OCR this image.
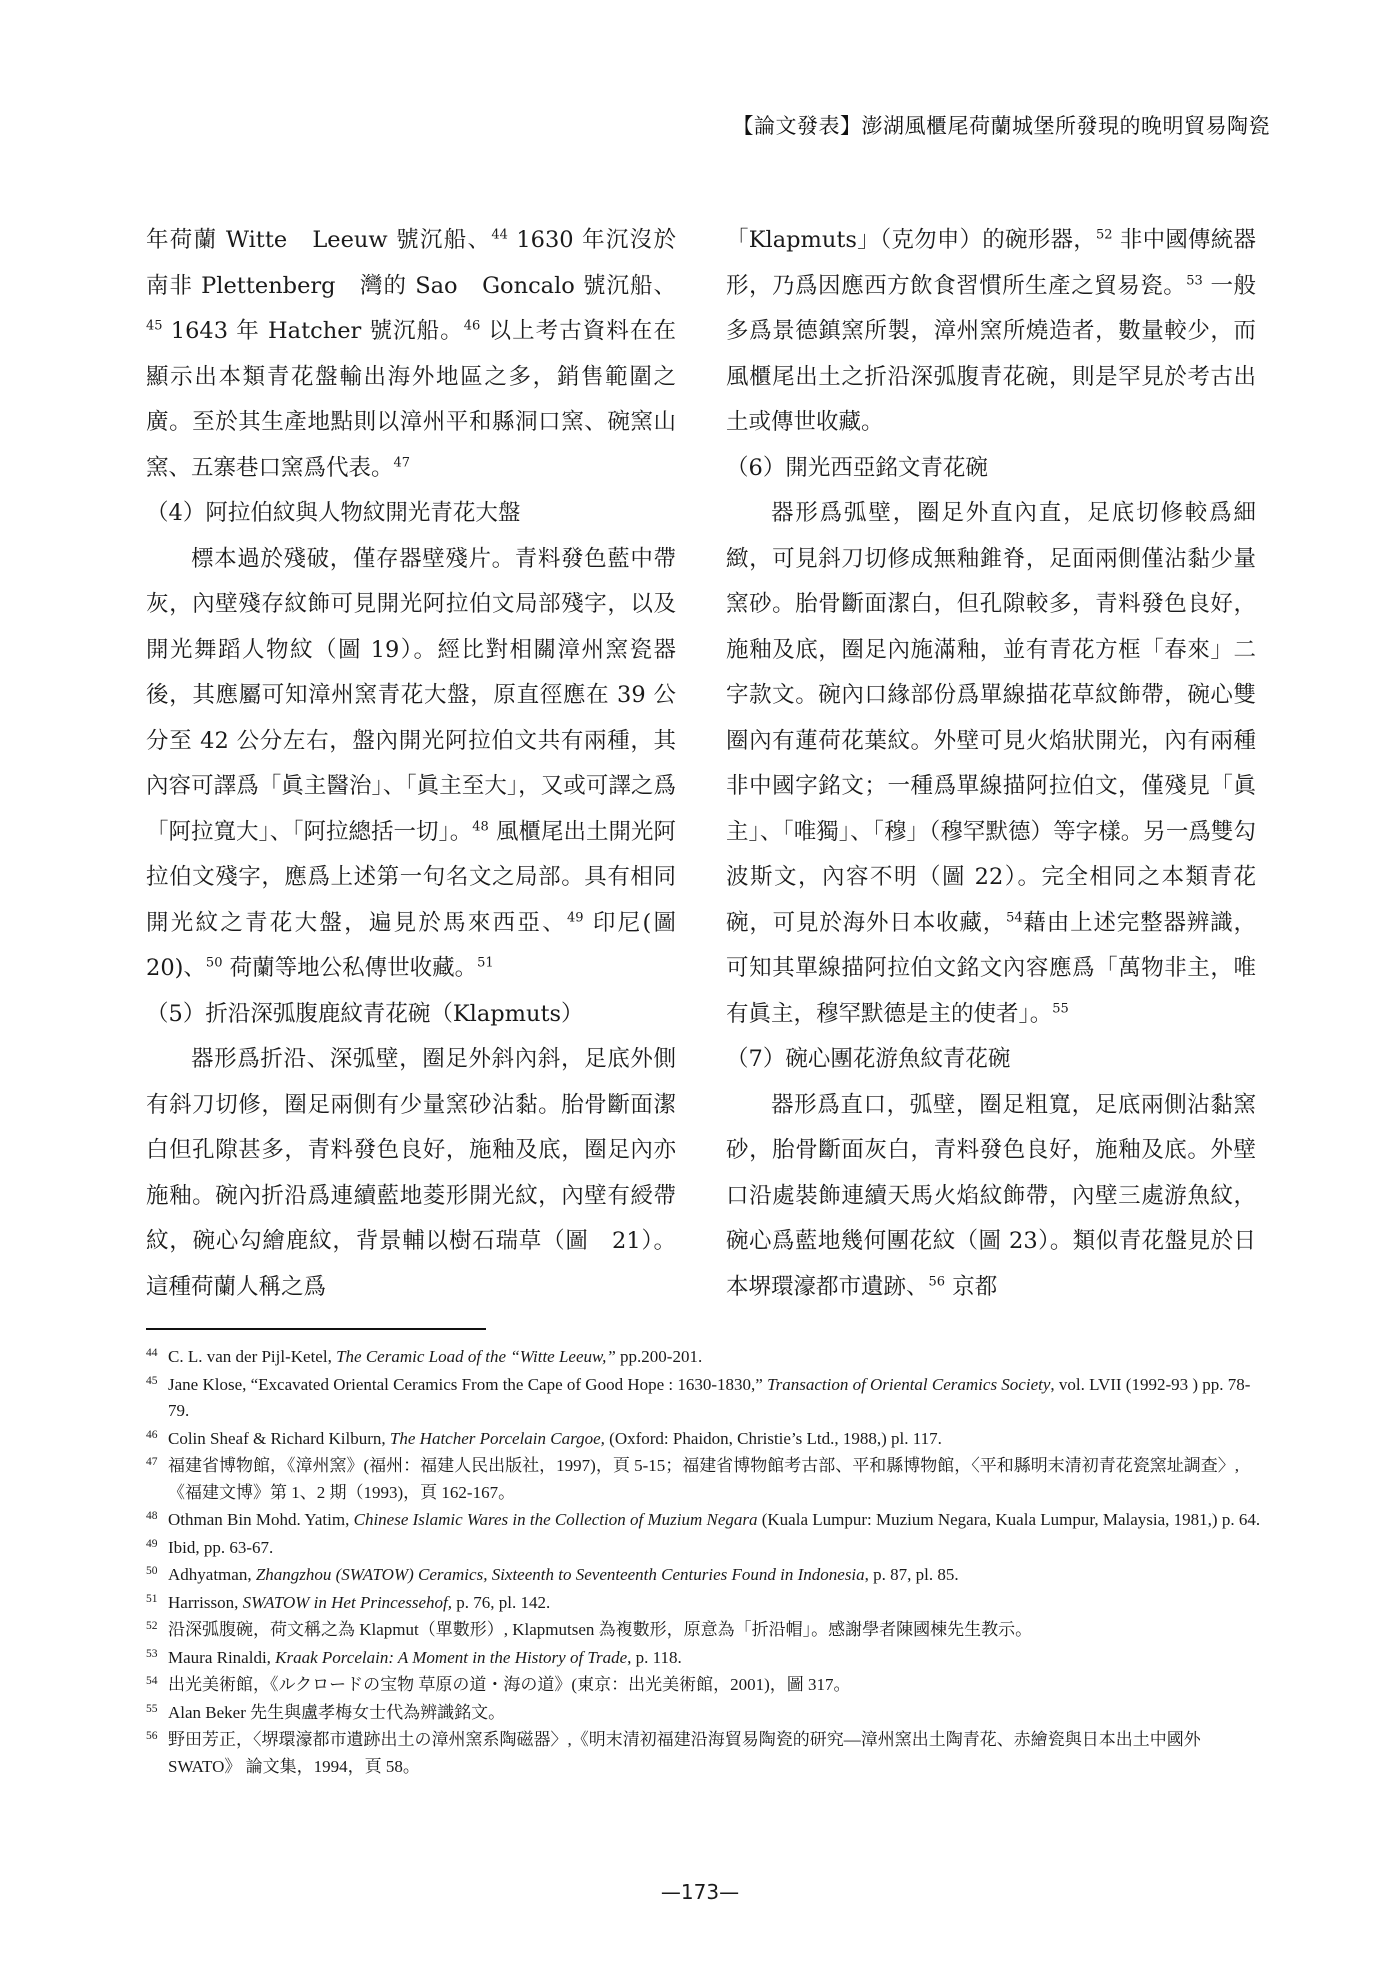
【論文發表】澎湖風櫃尾荷蘭城堡所發現的晚明貿易陶瓷

年荷蘭 Witte　Leeuw 號沉船、$^{44}$ 1630 年沉沒於南非 Plettenberg　灣的 Sao　Goncalo 號沉船、$^{45}$ 1643 年 Hatcher 號沉船。$^{46}$ 以上考古資料在在顯示出本類青花盤輸出海外地區之多，銷售範圍之廣。至於其生產地點則以漳州平和縣洞口窯、碗窯山窯、五寨巷口窯爲代表。$^{47}$

（4）阿拉伯紋與人物紋開光青花大盤

標本過於殘破，僅存器壁殘片。青料發色藍中帶灰，內壁殘存紋飾可見開光阿拉伯文局部殘字，以及開光舞蹈人物紋（圖 19）。經比對相關漳州窯瓷器後，其應屬可知漳州窯青花大盤，原直徑應在 39 公分至 42 公分左右，盤內開光阿拉伯文共有兩種，其內容可譯爲「眞主醫治」、「眞主至大」，又或可譯之爲「阿拉寬大」、「阿拉總括一切」。$^{48}$ 風櫃尾出土開光阿拉伯文殘字，應爲上述第一句名文之局部。具有相同開光紋之青花大盤，遍見於馬來西亞、$^{49}$ 印尼(圖 20)、$^{50}$ 荷蘭等地公私傳世收藏。$^{51}$

（5）折沿深弧腹鹿紋青花碗（Klapmuts）

器形爲折沿、深弧壁，圈足外斜內斜，足底外側有斜刀切修，圈足兩側有少量窯砂沾黏。胎骨斷面潔白但孔隙甚多，青料發色良好，施釉及底，圈足內亦施釉。碗內折沿爲連續藍地菱形開光紋，內壁有綬帶紋，碗心勾繪鹿紋，背景輔以樹石瑞草（圖　21）。這種荷蘭人稱之爲

「Klapmuts」（克勿申）的碗形器，$^{52}$ 非中國傳統器形，乃爲因應西方飲食習慣所生產之貿易瓷。$^{53}$ 一般多爲景德鎮窯所製，漳州窯所燒造者，數量較少，而風櫃尾出土之折沿深弧腹青花碗，則是罕見於考古出土或傳世收藏。

（6）開光西亞銘文青花碗

器形爲弧壁，圈足外直內直，足底切修較爲細緻，可見斜刀切修成無釉錐脊，足面兩側僅沾黏少量窯砂。胎骨斷面潔白，但孔隙較多，青料發色良好，施釉及底，圈足內施滿釉，並有青花方框「春來」二字款文。碗內口緣部份爲單線描花草紋飾帶，碗心雙圈內有蓮荷花葉紋。外壁可見火焰狀開光，內有兩種非中國字銘文；一種爲單線描阿拉伯文，僅殘見「眞主」、「唯獨」、「穆」（穆罕默德）等字樣。另一爲雙勾波斯文，內容不明（圖 22）。完全相同之本類青花碗，可見於海外日本收藏，$^{54}$藉由上述完整器辨識，可知其單線描阿拉伯文銘文內容應爲「萬物非主，唯有眞主，穆罕默德是主的使者」。$^{55}$

（7）碗心團花游魚紋青花碗

器形爲直口，弧壁，圈足粗寬，足底兩側沾黏窯砂，胎骨斷面灰白，青料發色良好，施釉及底。外壁口沿處裝飾連續天馬火焰紋飾帶，內壁三處游魚紋，碗心爲藍地幾何團花紋（圖 23）。類似青花盤見於日本堺環濠都市遺跡、$^{56}$ 京都

44 C. L. van der Pijl-Ketel, The Ceramic Load of the “Witte Leeuw,” pp.200-201.
45 Jane Klose, “Excavated Oriental Ceramics From the Cape of Good Hope : 1630-1830,” Transaction of Oriental Ceramics Society, vol. LVII (1992-93 ) pp. 78-79.
46 Colin Sheaf & Richard Kilburn, The Hatcher Porcelain Cargoe, (Oxford: Phaidon, Christie’s Ltd., 1988,) pl. 117.
47 福建省博物館，《漳州窯》(福州：福建人民出版社，1997)，頁 5-15；福建省博物館考古部、平和縣博物館，〈平和縣明末清初青花瓷窯址調查〉,《福建文博》第 1、2 期（1993)，頁 162-167。
48 Othman Bin Mohd. Yatim, Chinese Islamic Wares in the Collection of Muzium Negara (Kuala Lumpur: Muzium Negara, Kuala Lumpur, Malaysia, 1981,) p. 64.
49 Ibid, pp. 63-67.
50 Adhyatman, Zhangzhou (SWATOW) Ceramics, Sixteenth to Seventeenth Centuries Found in Indonesia, p. 87, pl. 85.
51 Harrisson, SWATOW in Het Princessehof, p. 76, pl. 142.
52 沿深弧腹碗，荷文稱之為 Klapmut（單數形）, Klapmutsen 為複數形，原意為「折沿帽」。感謝學者陳國棟先生教示。
53 Maura Rinaldi, Kraak Porcelain: A Moment in the History of Trade, p. 118.
54 出光美術館，《ルクロードの宝物 草原の道・海の道》(東京：出光美術館，2001)，圖 317。
55 Alan Beker 先生與盧孝梅女士代為辨識銘文。
56 野田芳正，〈堺環濠都市遺跡出土の漳州窯系陶磁器〉,《明末清初福建沿海貿易陶瓷的研究—漳州窯出土陶青花、赤繪瓷與日本出土中國外 SWATO》 論文集，1994，頁 58。
—173—
